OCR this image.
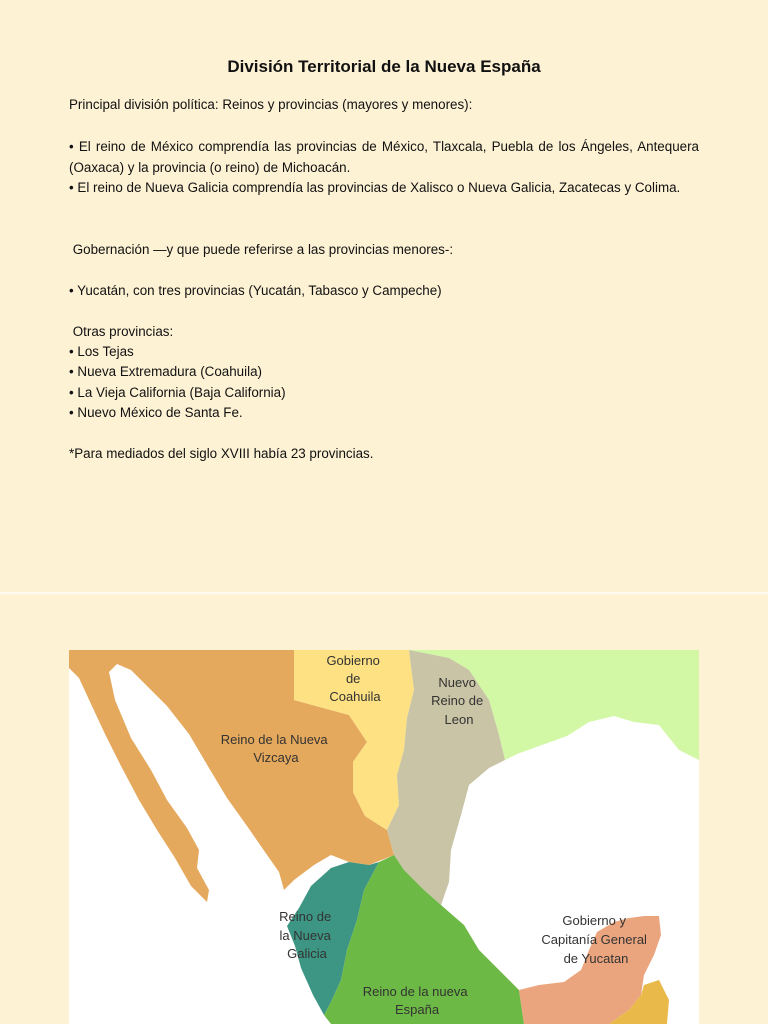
División Territorial de la Nueva España

Principal división política: Reinos y provincias (mayores y menores):

• El reino de México comprendía las provincias de México, Tlaxcala, Puebla de los Ángeles, Antequera (Oaxaca) y la provincia (o reino) de Michoacán.

• El reino de Nueva Galicia comprendía las provincias de Xalisco o Nueva Galicia, Zacatecas y Colima.

Gobernación —y que puede referirse a las provincias menores-:

• Yucatán, con tres provincias (Yucatán, Tabasco y Campeche)

Otras provincias:

• Los Tejas

• Nueva Extremadura (Coahuila)

• La Vieja California (Baja California)

• Nuevo México de Santa Fe.

*Para mediados del siglo XVIII había 23 provincias.

Gobierno de Coahuila
Nuevo Reino de Leon
Reino de la Nueva Vizcaya
Reino de la Nueva Galicia
Gobierno y Capitanía General de Yucatan
Reino de la nueva España
